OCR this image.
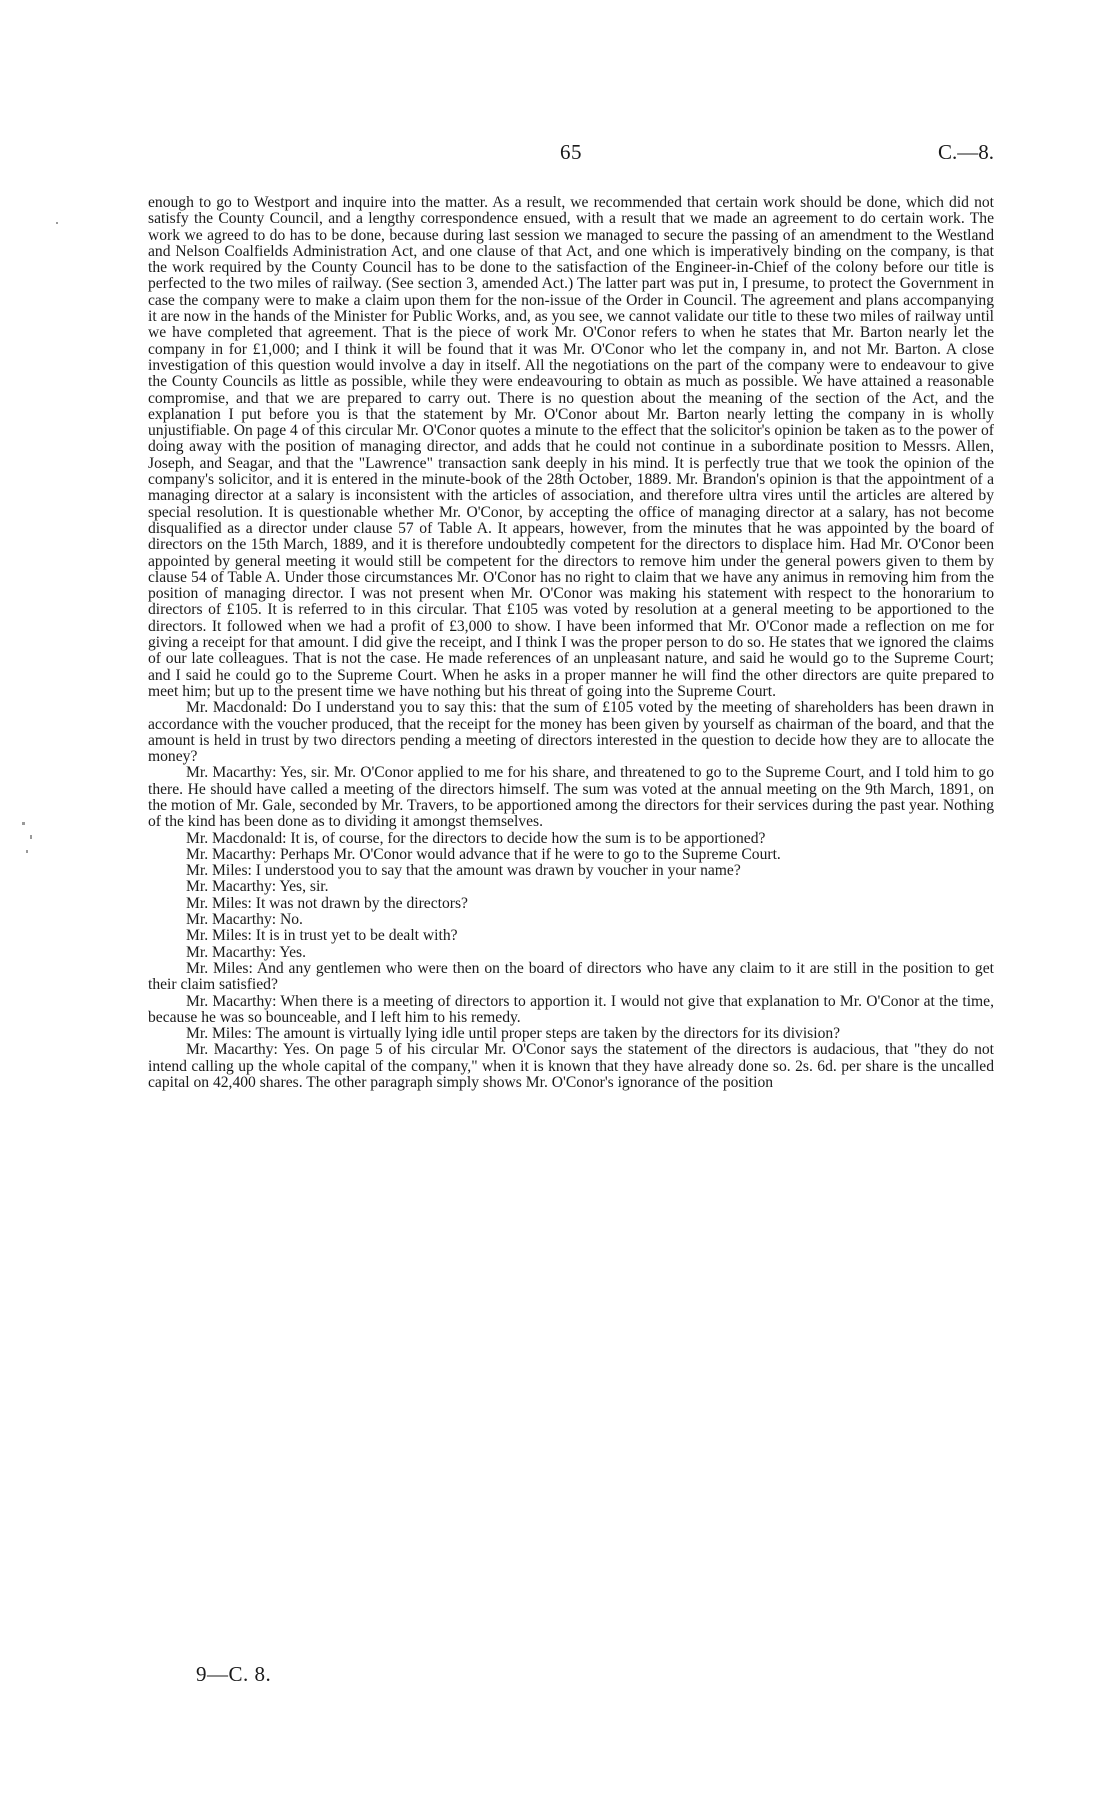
65	C.—8.

enough to go to Westport and inquire into the matter. As a result, we recommended that certain work should be done, which did not satisfy the County Council, and a lengthy correspondence ensued, with a result that we made an agreement to do certain work. The work we agreed to do has to be done, because during last session we managed to secure the passing of an amendment to the Westland and Nelson Coalfields Administration Act, and one clause of that Act, and one which is imperatively binding on the company, is that the work required by the County Council has to be done to the satisfaction of the Engineer-in-Chief of the colony before our title is perfected to the two miles of railway. (See section 3, amended Act.) The latter part was put in, I presume, to protect the Government in case the company were to make a claim upon them for the non-issue of the Order in Council. The agreement and plans accompanying it are now in the hands of the Minister for Public Works, and, as you see, we cannot validate our title to these two miles of railway until we have completed that agreement. That is the piece of work Mr. O'Conor refers to when he states that Mr. Barton nearly let the company in for £1,000; and I think it will be found that it was Mr. O'Conor who let the company in, and not Mr. Barton. A close investigation of this question would involve a day in itself. All the negotiations on the part of the company were to endeavour to give the County Councils as little as possible, while they were endeavouring to obtain as much as possible. We have attained a reasonable compromise, and that we are prepared to carry out. There is no question about the meaning of the section of the Act, and the explanation I put before you is that the statement by Mr. O'Conor about Mr. Barton nearly letting the company in is wholly unjustifiable. On page 4 of this circular Mr. O'Conor quotes a minute to the effect that the solicitor's opinion be taken as to the power of doing away with the position of managing director, and adds that he could not continue in a subordinate position to Messrs. Allen, Joseph, and Seagar, and that the "Lawrence" transaction sank deeply in his mind. It is perfectly true that we took the opinion of the company's solicitor, and it is entered in the minute-book of the 28th October, 1889. Mr. Brandon's opinion is that the appointment of a managing director at a salary is inconsistent with the articles of association, and therefore ultra vires until the articles are altered by special resolution. It is questionable whether Mr. O'Conor, by accepting the office of managing director at a salary, has not become disqualified as a director under clause 57 of Table A. It appears, however, from the minutes that he was appointed by the board of directors on the 15th March, 1889, and it is therefore undoubtedly competent for the directors to displace him. Had Mr. O'Conor been appointed by general meeting it would still be competent for the directors to remove him under the general powers given to them by clause 54 of Table A. Under those circumstances Mr. O'Conor has no right to claim that we have any animus in removing him from the position of managing director. I was not present when Mr. O'Conor was making his statement with respect to the honorarium to directors of £105. It is referred to in this circular. That £105 was voted by resolution at a general meeting to be apportioned to the directors. It followed when we had a profit of £3,000 to show. I have been informed that Mr. O'Conor made a reflection on me for giving a receipt for that amount. I did give the receipt, and I think I was the proper person to do so. He states that we ignored the claims of our late colleagues. That is not the case. He made references of an unpleasant nature, and said he would go to the Supreme Court; and I said he could go to the Supreme Court. When he asks in a proper manner he will find the other directors are quite prepared to meet him; but up to the present time we have nothing but his threat of going into the Supreme Court.

Mr. Macdonald: Do I understand you to say this: that the sum of £105 voted by the meeting of shareholders has been drawn in accordance with the voucher produced, that the receipt for the money has been given by yourself as chairman of the board, and that the amount is held in trust by two directors pending a meeting of directors interested in the question to decide how they are to allocate the money?

Mr. Macarthy: Yes, sir. Mr. O'Conor applied to me for his share, and threatened to go to the Supreme Court, and I told him to go there. He should have called a meeting of the directors himself. The sum was voted at the annual meeting on the 9th March, 1891, on the motion of Mr. Gale, seconded by Mr. Travers, to be apportioned among the directors for their services during the past year. Nothing of the kind has been done as to dividing it amongst themselves.

Mr. Macdonald: It is, of course, for the directors to decide how the sum is to be apportioned?

Mr. Macarthy: Perhaps Mr. O'Conor would advance that if he were to go to the Supreme Court.

Mr. Miles: I understood you to say that the amount was drawn by voucher in your name?

Mr. Macarthy: Yes, sir.

Mr. Miles: It was not drawn by the directors?

Mr. Macarthy: No.

Mr. Miles: It is in trust yet to be dealt with?

Mr. Macarthy: Yes.

Mr. Miles: And any gentlemen who were then on the board of directors who have any claim to it are still in the position to get their claim satisfied?

Mr. Macarthy: When there is a meeting of directors to apportion it. I would not give that explanation to Mr. O'Conor at the time, because he was so bounceable, and I left him to his remedy.

Mr. Miles: The amount is virtually lying idle until proper steps are taken by the directors for its division?

Mr. Macarthy: Yes. On page 5 of his circular Mr. O'Conor says the statement of the directors is audacious, that "they do not intend calling up the whole capital of the company," when it is known that they have already done so. 2s. 6d. per share is the uncalled capital on 42,400 shares. The other paragraph simply shows Mr. O'Conor's ignorance of the position

9—C. 8.
